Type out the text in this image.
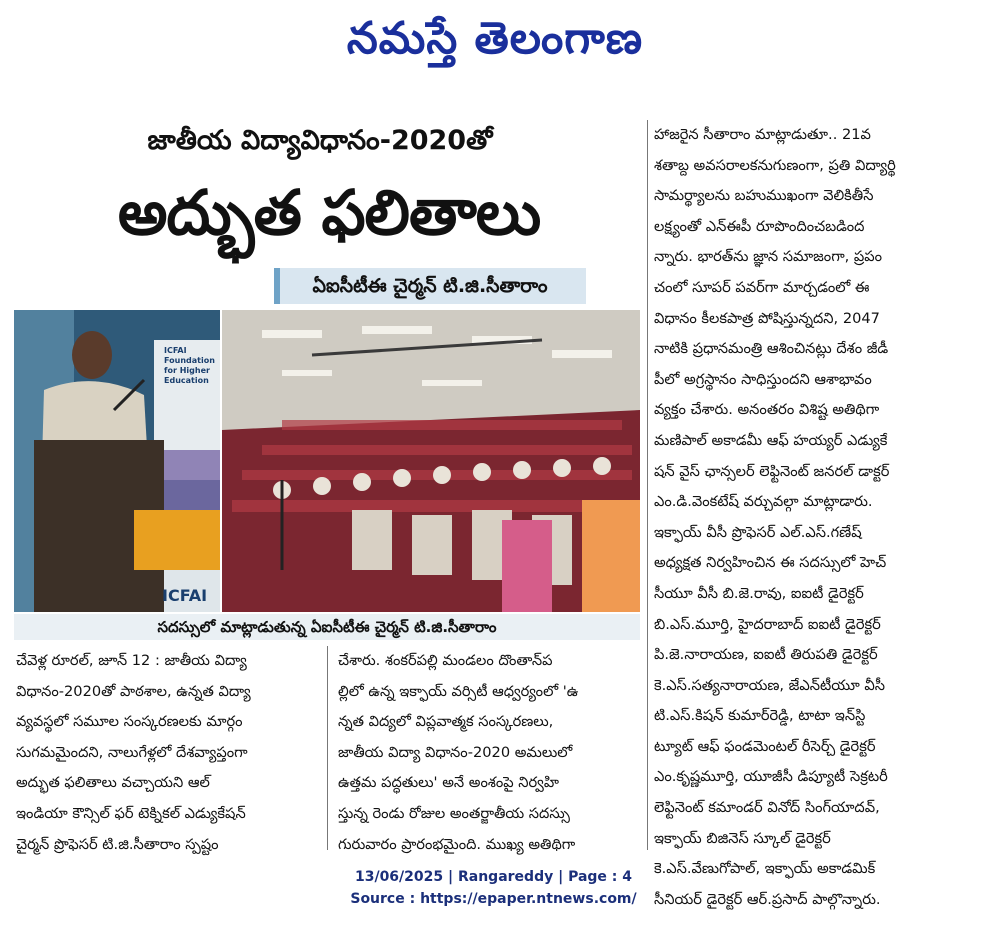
నమస్తే తెలంగాణ
జాతీయ విద్యావిధానం-2020తో
అద్భుత ఫలితాలు
ఏఐసీటీఈ చైర్మన్ టి.జి.సీతారాం
ICFAI Foundation for Higher Education
ICFAI
సదస్సులో మాట్లాడుతున్న ఏఐసీటీఈ చైర్మన్ టి.జి.సీతారాం
చేవెళ్ల రూరల్, జూన్ 12 : జాతీయ విద్యా
విధానం-2020తో పాఠశాల, ఉన్నత విద్యా
వ్యవస్థలో సమూల సంస్కరణలకు మార్గం
సుగమమైందని, నాలుగేళ్లలో దేశవ్యాప్తంగా
అద్భుత ఫలితాలు వచ్చాయని ఆల్
ఇండియా కౌన్సిల్ ఫర్ టెక్నికల్ ఎడ్యుకేషన్
చైర్మన్ ప్రొఫెసర్ టి.జి.సీతారాం స్పష్టం
చేశారు. శంకర్‌పల్లి మండలం దొంతాన్‌ప
ల్లిలో ఉన్న ఇక్ఫాయ్ వర్సిటీ ఆధ్వర్యంలో 'ఉ
న్నత విద్యలో విప్లవాత్మక సంస్కరణలు,
జాతీయ విద్యా విధానం-2020 అమలులో
ఉత్తమ పద్ధతులు' అనే అంశంపై నిర్వహి
స్తున్న రెండు రోజుల అంతర్జాతీయ సదస్సు
గురువారం ప్రారంభమైంది. ముఖ్య అతిథిగా
హాజరైన సీతారాం మాట్లాడుతూ.. 21వ
శతాబ్ద అవసరాలకనుగుణంగా, ప్రతి విద్యార్థి
సామర్థ్యాలను బహుముఖంగా వెలికితీసే
లక్ష్యంతో ఎన్‌ఈపీ రూపొందించబడింద
న్నారు. భారత్‌ను జ్ఞాన సమాజంగా, ప్రపం
చంలో సూపర్ పవర్‌గా మార్చడంలో ఈ
విధానం కీలకపాత్ర పోషిస్తున్నదని, 2047
నాటికి ప్రధానమంత్రి ఆశించినట్లు దేశం జీడీ
పీలో అగ్రస్థానం సాధిస్తుందని ఆశాభావం
వ్యక్తం చేశారు. అనంతరం విశిష్ట అతిథిగా
మణిపాల్ అకాడమీ ఆఫ్ హయ్యర్ ఎడ్యుకే
షన్ వైస్ ఛాన్సలర్ లెఫ్టినెంట్ జనరల్ డాక్టర్
ఎం.డి.వెంకటేష్ వర్చువల్గా మాట్లాడారు.
ఇక్ఫాయ్ వీసీ ప్రొఫెసర్ ఎల్.ఎస్.గణేష్
అధ్యక్షత నిర్వహించిన ఈ సదస్సులో హెచ్
సీయూ వీసీ బి.జె.రావు, ఐఐటీ డైరెక్టర్
బి.ఎస్.మూర్తి, హైదరాబాద్ ఐఐటీ డైరెక్టర్
పి.జె.నారాయణ, ఐఐటీ తిరుపతి డైరెక్టర్
కె.ఎస్.సత్యనారాయణ, జేఎన్‌టీయూ వీసీ
టి.ఎస్.కిషన్ కుమార్‌రెడ్డి, టాటా ఇన్‌స్టి
ట్యూట్ ఆఫ్ ఫండమెంటల్ రీసెర్చ్ డైరెక్టర్
ఎం.కృష్ణమూర్తి, యూజీసీ డిప్యూటీ సెక్రటరీ
లెఫ్టినెంట్ కమాండర్ వినోద్ సింగ్‌యాదవ్,
ఇక్ఫాయ్ బిజినెస్ స్కూల్ డైరెక్టర్
కె.ఎస్.వేణుగోపాల్, ఇక్ఫాయ్ అకాడమిక్
సీనియర్ డైరెక్టర్ ఆర్.ప్రసాద్ పాల్గొన్నారు.
13/06/2025 | Rangareddy | Page : 4
Source : https://epaper.ntnews.com/
